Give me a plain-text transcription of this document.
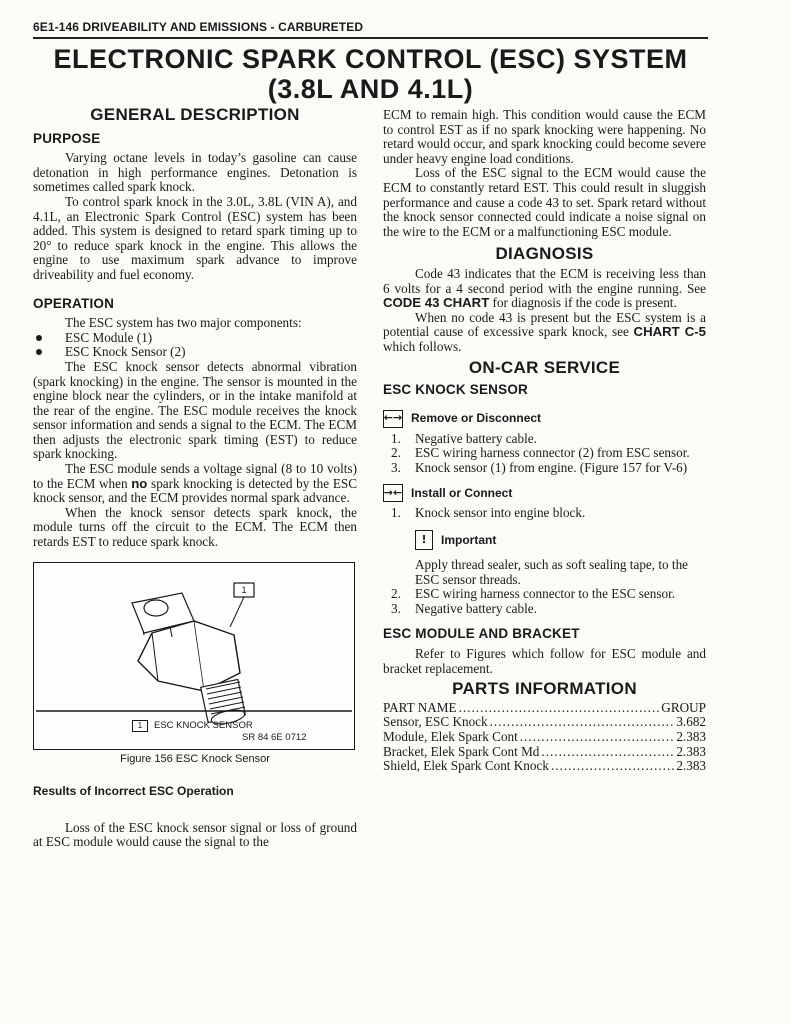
6E1-146 DRIVEABILITY AND EMISSIONS - CARBURETED
ELECTRONIC SPARK CONTROL (ESC) SYSTEM
(3.8L AND 4.1L)
GENERAL DESCRIPTION
PURPOSE

Varying octane levels in today’s gasoline can cause detonation in high performance engines. Detonation is sometimes called spark knock.

To control spark knock in the 3.0L, 3.8L (VIN A), and 4.1L, an Electronic Spark Control (ESC) system has been added. This system is designed to retard spark timing up to 20° to reduce spark knock in the engine. This allows the engine to use maximum spark advance to improve driveability and fuel economy.

OPERATION

The ESC system has two major components:

ESC Module (1)
ESC Knock Sensor (2)

The ESC knock sensor detects abnormal vibration (spark knocking) in the engine. The sensor is mounted in the engine block near the cylinders, or in the intake manifold at the rear of the engine. The ESC module receives the knock sensor information and sends a signal to the ECM. The ECM then adjusts the electronic spark timing (EST) to reduce spark knocking.

The ESC module sends a voltage signal (8 to 10 volts) to the ECM when no spark knocking is detected by the ESC knock sensor, and the ECM provides normal spark advance.

When the knock sensor detects spark knock, the module turns off the circuit to the ECM. The ECM then retards EST to reduce spark knock.

1	ESC KNOCK SENSOR
SR 84 6E 0712
1
Figure 156 ESC Knock Sensor
Results of Incorrect ESC Operation

Loss of the ESC knock sensor signal or loss of ground at ESC module would cause the signal to the

ECM to remain high. This condition would cause the ECM to control EST as if no spark knocking were happening. No retard would occur, and spark knocking could become severe under heavy engine load conditions.

Loss of the ESC signal to the ECM would cause the ECM to constantly retard EST. This could result in sluggish performance and cause a code 43 to set. Spark retard without the knock sensor connected could indicate a noise signal on the wire to the ECM or a malfunctioning ESC module.

DIAGNOSIS

Code 43 indicates that the ECM is receiving less than 6 volts for a 4 second period with the engine running. See CODE 43 CHART for diagnosis if the code is present.

When no code 43 is present but the ESC system is a potential cause of excessive spark knock, see CHART C-5 which follows.

ON-CAR SERVICE
ESC KNOCK SENSOR
←→ Remove or Disconnect
1. Negative battery cable.
2. ESC wiring harness connector (2) from ESC sensor.
3. Knock sensor (1) from engine. (Figure 157 for V-6)
→← Install or Connect
1. Knock sensor into engine block.
!	Important

Apply thread sealer, such as soft sealing tape, to the ESC sensor threads.

2. ESC wiring harness connector to the ESC sensor.
3. Negative battery cable.
ESC MODULE AND BRACKET

Refer to Figures which follow for ESC module and bracket replacement.

PARTS INFORMATION
PART NAME .....	GROUP
Sensor, ESC Knock .....	3.682
Module, Elek Spark Cont .....	2.383
Bracket, Elek Spark Cont Md .....	2.383
Shield, Elek Spark Cont Knock .....	2.383
